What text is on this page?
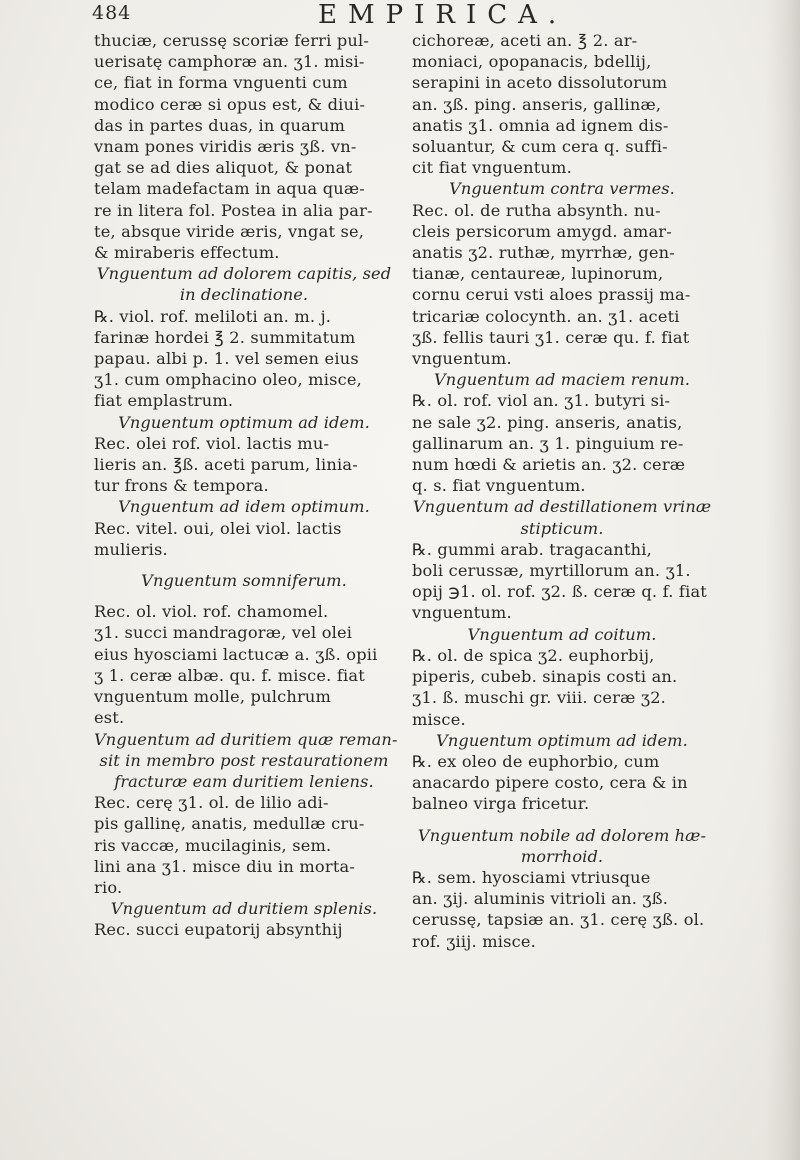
484	EMPIRICA.
thuciæ, cerussę scoriæ ferri pul-
uerisatę camphoræ an. ʒ1. misi-
ce, fiat in forma vnguenti cum
modico ceræ si opus est, & diui-
das in partes duas, in quarum
vnam pones viridis æris ʒß. vn-
gat se ad dies aliquot, & ponat
telam madefactam in aqua quæ-
re in litera fol. Postea in alia par-
te, absque viride æris, vngat se,
& miraberis effectum.
Vnguentum ad dolorem capitis, sed
in declinatione.
℞. viol. rof. meliloti an. m. j.
farinæ hordei ℥ 2. summitatum
papau. albi p. 1. vel semen eius
ʒ1. cum omphacino oleo, misce,
fiat emplastrum.
Vnguentum optimum ad idem.
Rec. olei rof. viol. lactis mu-
lieris an. ℥ß. aceti parum, linia-
tur frons & tempora.
Vnguentum ad idem optimum.
Rec. vitel. oui, olei viol. lactis
mulieris.
Vnguentum somniferum.
Rec. ol. viol. rof. chamomel.
ʒ1. succi mandragoræ, vel olei
eius hyosciami lactucæ a. ʒß. opii
ʒ 1. ceræ albæ. qu. f. misce. fiat
vnguentum molle, pulchrum
est.
Vnguentum ad duritiem quæ reman-
sit in membro post restaurationem
fracturæ eam duritiem leniens.
Rec. cerę ʒ1. ol. de lilio adi-
pis gallinę, anatis, medullæ cru-
ris vaccæ, mucilaginis, sem.
lini ana ʒ1. misce diu in morta-
rio.
Vnguentum ad duritiem splenis.
Rec. succi eupatorij absynthij
cichoreæ, aceti an. ℥ 2. ar-
moniaci, opopanacis, bdellij,
serapini in aceto dissolutorum
an. ʒß. ping. anseris, gallinæ,
anatis ʒ1. omnia ad ignem dis-
soluantur, & cum cera q. suffi-
cit fiat vnguentum.
Vnguentum contra vermes.
Rec. ol. de rutha absynth. nu-
cleis persicorum amygd. amar-
anatis ʒ2. ruthæ, myrrhæ, gen-
tianæ, centaureæ, lupinorum,
cornu cerui vsti aloes prassij ma-
tricariæ colocynth. an. ʒ1. aceti
ʒß. fellis tauri ʒ1. ceræ qu. f. fiat
vnguentum.
Vnguentum ad maciem renum.
℞. ol. rof. viol an. ʒ1. butyri si-
ne sale ʒ2. ping. anseris, anatis,
gallinarum an. ʒ 1. pinguium re-
num hœdi & arietis an. ʒ2. ceræ
q. s. fiat vnguentum.
Vnguentum ad destillationem vrinæ
stipticum.
℞. gummi arab. tragacanthi,
boli cerussæ, myrtillorum an. ʒ1.
opij ℈1. ol. rof. ʒ2. ß. ceræ q. f. fiat
vnguentum.
Vnguentum ad coitum.
℞. ol. de spica ʒ2. euphorbij,
piperis, cubeb. sinapis costi an.
ʒ1. ß. muschi gr. viii. ceræ ʒ2.
misce.
Vnguentum optimum ad idem.
℞. ex oleo de euphorbio, cum
anacardo pipere costo, cera & in
balneo virga fricetur.
Vnguentum nobile ad dolorem hæ-
morrhoid.
℞. sem. hyosciami vtriusque
an. ʒij. aluminis vitrioli an. ʒß.
cerussę, tapsiæ an. ʒ1. cerę ʒß. ol.
rof. ʒiij. misce.
